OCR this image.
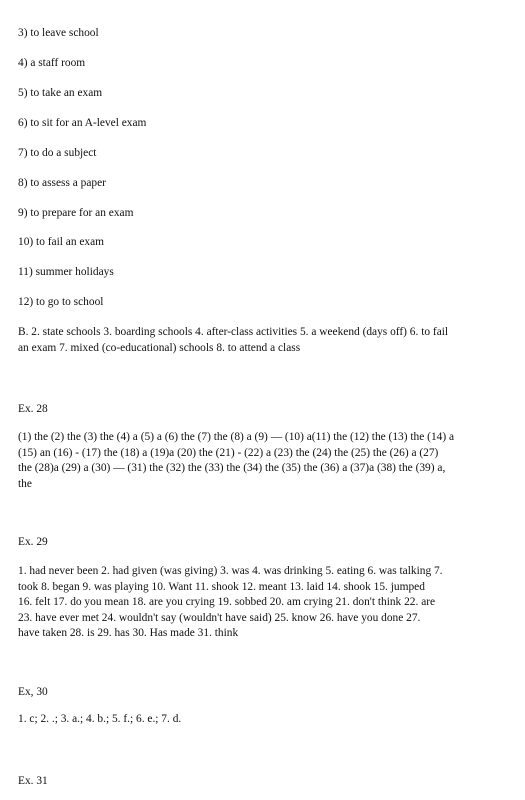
3) to leave school
4) a staff room
5) to take an exam
6) to sit for an A-level exam
7) to do a subject
8) to assess a paper
9) to prepare for an exam
10) to fail an exam
11) summer holidays
12) to go to school
B. 2. state schools 3. boarding schools 4. after-class activities 5. a weekend (days off) 6. to fail
an exam 7. mixed (co-educational) schools 8. to attend a class
Ex. 28
(1) the (2) the (3) the (4) a (5) a (6) the (7) the (8) a (9) — (10) a(11) the (12) the (13) the (14) a
(15) an (16) - (17) the (18) a (19)a (20) the (21) - (22) a (23) the (24) the (25) the (26) a (27)
the (28)a (29) a (30) — (31) the (32) the (33) the (34) the (35) the (36) a (37)a (38) the (39) a,
the
Ex. 29
1. had never been 2. had given (was giving) 3. was 4. was drinking 5. eating 6. was talking 7.
took 8. began 9. was playing 10. Want 11. shook 12. meant 13. laid 14. shook 15. jumped
16. felt 17. do you mean 18. are you crying 19. sobbed 20. am crying 21. don't think 22. are
23. have ever met 24. wouldn't say (wouldn't have said) 25. know 26. have you done 27.
have taken 28. is 29. has 30. Has made 31. think
Ex, 30
1. c; 2. .; 3. a.; 4. b.; 5. f.; 6. e.; 7. d.
Ex. 31
